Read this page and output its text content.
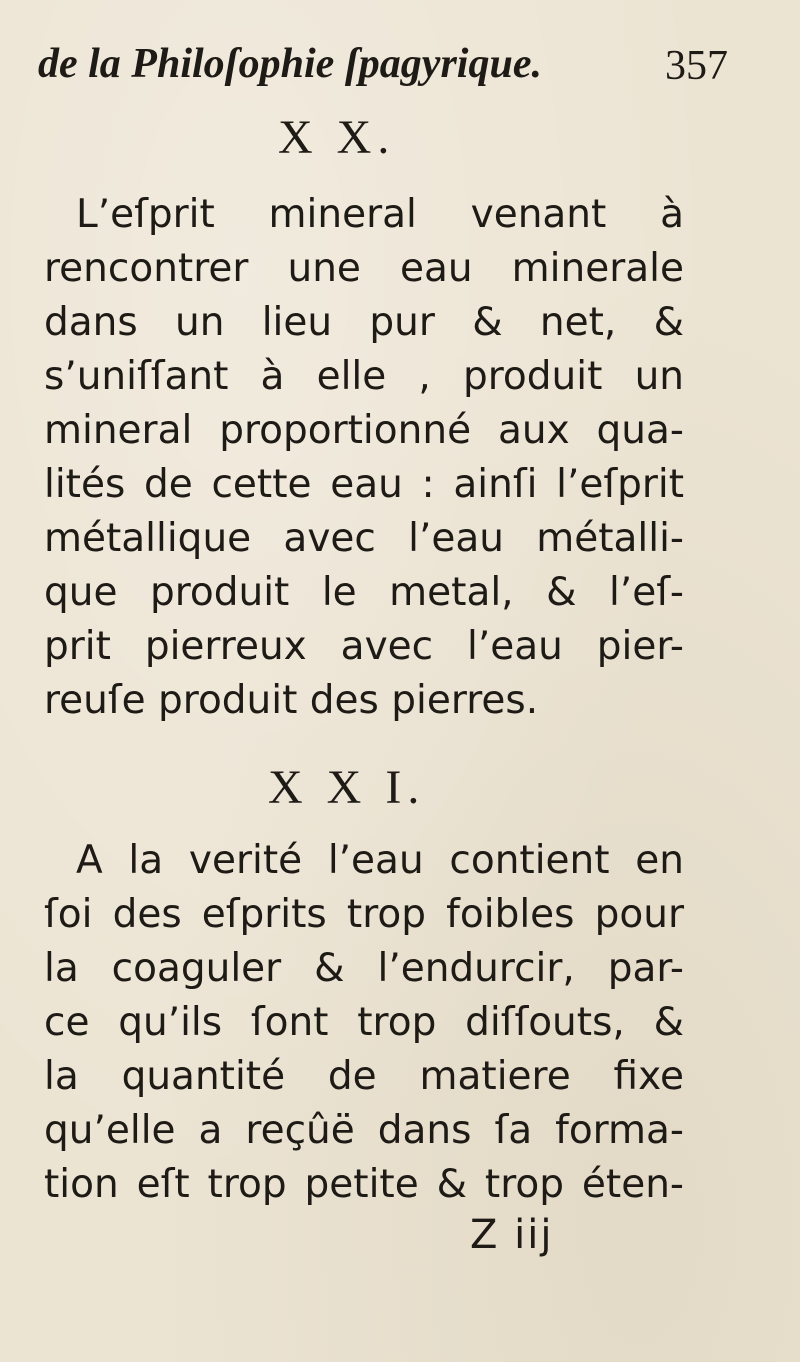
de la Philoſophie ſpagyrique.	357
X X.
L’eſprit mineral venant à
rencontrer une eau minerale
dans un lieu pur & net, &
s’uniſſant à elle , produit un
mineral proportionné aux qua-
lités de cette eau : ainſi l’eſprit
métallique avec l’eau métalli-
que produit le metal, & l’eſ-
prit pierreux avec l’eau pier-
reuſe produit des pierres.
X X I.
A la verité l’eau contient en
ſoi des eſprits trop foibles pour
la coaguler & l’endurcir, par-
ce qu’ils ſont trop diſſouts, &
la quantité de matiere fixe
qu’elle a reçûë dans ſa forma-
tion eſt trop petite & trop éten-
Z iij
